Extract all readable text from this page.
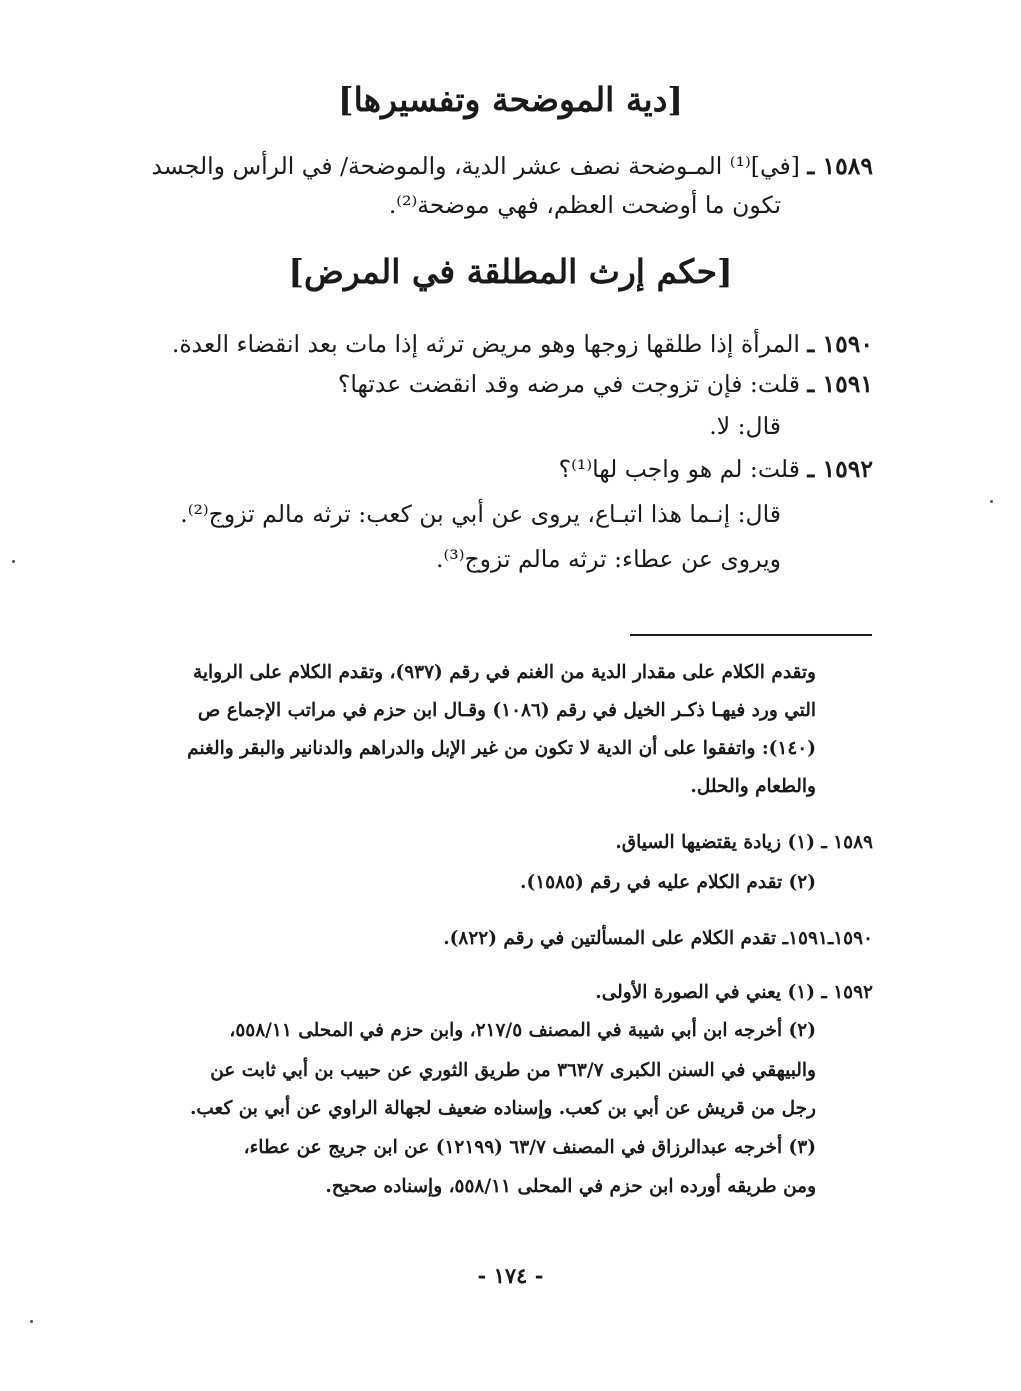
[دية الموضحة وتفسيرها]
١٥٨٩ ـ [في]⁽¹⁾ المـوضحة نصف عشر الدية، والموضحة/ في الرأس والجسد
تكون ما أوضحت العظم، فهي موضحة⁽²⁾.
[حكم إرث المطلقة في المرض]
١٥٩٠ ـ المرأة إذا طلقها زوجها وهو مريض ترثه إذا مات بعد انقضاء العدة.
١٥٩١ ـ قلت: فإن تزوجت في مرضه وقد انقضت عدتها؟
قال: لا.
١٥٩٢ ـ قلت: لم هو واجب لها⁽¹⁾؟
قال: إنـما هذا اتبـاع، يروى عن أبي بن كعب: ترثه مالم تزوج⁽²⁾.
ويروى عن عطاء: ترثه مالم تزوج⁽³⁾.
وتقدم الكلام على مقدار الدية من الغنم في رقم (٩٣٧)، وتقدم الكلام على الرواية
التي ورد فيهـا ذكـر الخيل في رقم (١٠٨٦) وقـال ابن حزم في مراتب الإجماع ص
(١٤٠): واتفقوا على أن الدية لا تكون من غير الإبل والدراهم والدنانير والبقر والغنم
والطعام والحلل.
١٥٨٩ ـ (١) زيادة يقتضيها السياق.
(٢) تقدم الكلام عليه في رقم (١٥٨٥).
١٥٩٠ـ١٥٩١ـ تقدم الكلام على المسألتين في رقم (٨٢٢).
١٥٩٢ ـ (١) يعني في الصورة الأولى.
(٢) أخرجه ابن أبي شيبة في المصنف ٢١٧/٥، وابن حزم في المحلى ٥٥٨/١١،
والبيهقي في السنن الكبرى ٣٦٣/٧ من طريق الثوري عن حبيب بن أبي ثابت عن
رجل من قريش عن أبي بن كعب. وإسناده ضعيف لجهالة الراوي عن أبي بن كعب.
(٣) أخرجه عبدالرزاق في المصنف ٦٣/٧ (١٢١٩٩) عن ابن جريج عن عطاء،
ومن طريقه أورده ابن حزم في المحلى ٥٥٨/١١، وإسناده صحيح.
- ١٧٤ -
